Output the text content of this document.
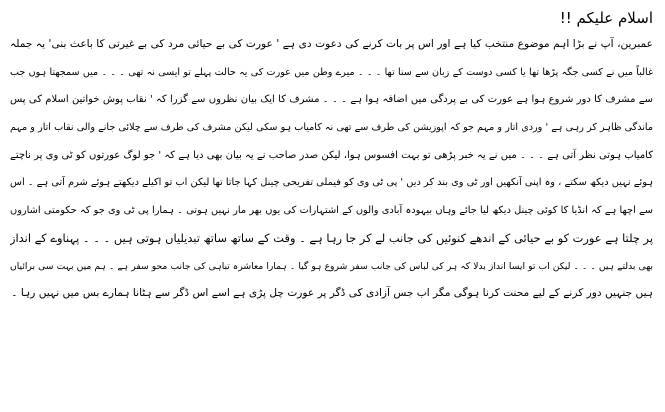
اسلام علیکم !!
عمبرین، آپ نے بڑا اہم موضوع منتخب کیا ہے اور اس پر بات کرنے کی دعوت دی ہے ' عورت کی بے حیائی مرد کی بے غیرتی کا باعث بنی' یہ جملہ
غالباً میں نے کسی جگہ پڑھا تھا یا کسی دوست کے زبان سے سنا تھا ۔ ۔ ۔ میرے وطن میں عورت کی یہ حالت پہلے تو ایسی نہ تھی ۔ ۔ ۔ میں سمجھتا ہوں جب
سے مشرف کا دور شروع ہوا ہے عورت کی بے پردگی میں اضافہ ہوا ہے ۔ ۔ ۔ مشرف کا ایک بیان نظروں سے گزرا کہ ' نقاب پوش خواتین اسلام کی پس
ماندگی ظاہر کر رہی ہے ' وردی اتار و مہم جو کہ اپوزیشن کی طرف سے تھی نہ کامیاب ہو سکی لیکن مشرف کی طرف سے چلائی جانے والی نقاب اتار و مہم
کامیاب ہوتی نظر آتی ہے ۔ ۔ ۔ میں نے یہ خبر پڑھی تو بہت افسوس ہوا، لیکن صدر صاحب نے یہ بیان بھی دیا ہے کہ ' جو لوگ عورتوں کو ٹی وی پر ناچتے
ہوئے نہیں دیکھ سکتے ، وہ اپنی آنکھیں اور ٹی وی بند کر دیں ' پی ٹی وی کو فیملی تفریحی چینل کہا جاتا تھا لیکن اب تو اکیلے دیکھتے ہوئے شرم آتی ہے ۔ اس
سے اچھا ہے کہ انڈیا کا کوئی چینل دیکھ لیا جائے وہاں بیہودہ آبادی والوں کے اشتہارات کی یوں بھر مار نہیں ہوتی ۔ ہمارا پی ٹی وی جو کہ حکومتی اشاروں
پر چلتا ہے عورت کو بے حیائی کے اندھے کنوئیں کی جانب لے کر جا رہا ہے ۔ وقت کے ساتھ ساتھ تبدیلیاں ہوتی ہیں ۔ ۔ ۔ پہناوے کے انداز
بھی بدلتے ہیں ۔ ۔ ۔ لیکن اب تو ایسا انداز بدلا کہ ہر کی لباس کی جانب سفر شروع ہو گیا ۔ ہمارا معاشرہ تباہی کی جانب محو سفر ہے ۔ ہم میں بہت سی برائیاں
ہیں جنہیں دور کرنے کے لیے محنت کرنا ہوگی مگر اب جس آزادی کی ڈگر پر عورت چل پڑی ہے اسے اس ڈگر سے ہٹانا ہمارے بس میں نہیں رہا ۔
